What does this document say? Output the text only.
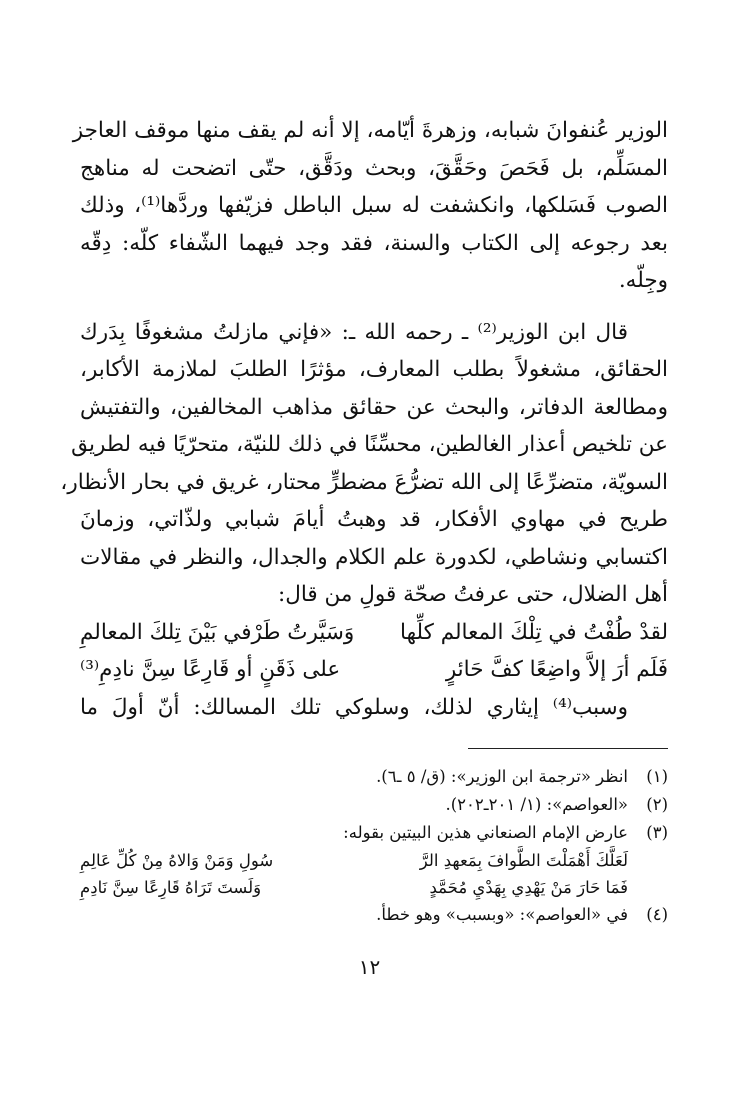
الوزير عُنفوانَ شبابه، وزهرةَ أيّامه، إلا أنه لم يقف منها موقف العاجز
المسَلِّم، بل فَحَصَ وحَقَّقَ، وبحث ودَقَّق، حتّى اتضحت له مناهج
الصوب فَسَلكها، وانكشفت له سبل الباطل فزيّفها وردَّها⁽¹⁾، وذلك
بعد رجوعه إلى الكتاب والسنة، فقد وجد فيهما الشّفاء كلّه: دِقّه
وجِلّه.
قال ابن الوزير⁽²⁾ ـ رحمه الله ـ: «فإني مازلتُ مشغوفًا بِدَرك
الحقائق، مشغولاً بطلب المعارف، مؤثرًا الطلبَ لملازمة الأكابر،
ومطالعة الدفاتر، والبحث عن حقائق مذاهب المخالفين، والتفتيش
عن تلخيص أعذار الغالطين، محسِّنًا في ذلك للنيّة، متحرّيًا فيه لطريق
السويّة، متضرِّعًا إلى الله تضرُّعَ مضطرٍّ محتار، غريق في بحار الأنظار،
طريح في مهاوي الأفكار، قد وهبتُ أيامَ شبابي ولذّاتي، وزمانَ
اكتسابي ونشاطي، لكدورة علم الكلام والجدال، والنظر في مقالات
أهل الضلال، حتى عرفتُ صحّة قولِ من قال:
لقدْ طُفْتُ في تِلْكَ المعالم كلِّها
وَسَيَّرتُ طَرْفي بَيْنَ تِلكَ المعالمِ
فَلَم أرَ إلاَّ واضِعًا كفَّ حَائرٍ
على ذَقَنٍ أو قَارِعًا سِنَّ نادِمِ⁽³⁾
وسبب⁽⁴⁾ إيثاري لذلك، وسلوكي تلك المسالك: أنّ أولَ ما
(١)
انظر «ترجمة ابن الوزير»: (ق/ ٥ ـ٦).
(٢)
«العواصم»: (١/ ٢٠١ـ٢٠٢).
(٣)
عارض الإمام الصنعاني هذين البيتين بقوله:
لَعَلَّكَ أَهْمَلْتَ الطَّوافَ بِمَعهدِ الرَّ
سُولِ وَمَنْ وَالاهُ مِنْ كُلِّ عَالِمِ
فَمَا حَارَ مَنْ يَهْدِي بِهَدْيِ مُحَمَّدٍ
وَلَستَ تَرَاهُ قَارِعًا سِنَّ نَادِمِ
(٤)
في «العواصم»: «وبسبب» وهو خطأ.
١٢
